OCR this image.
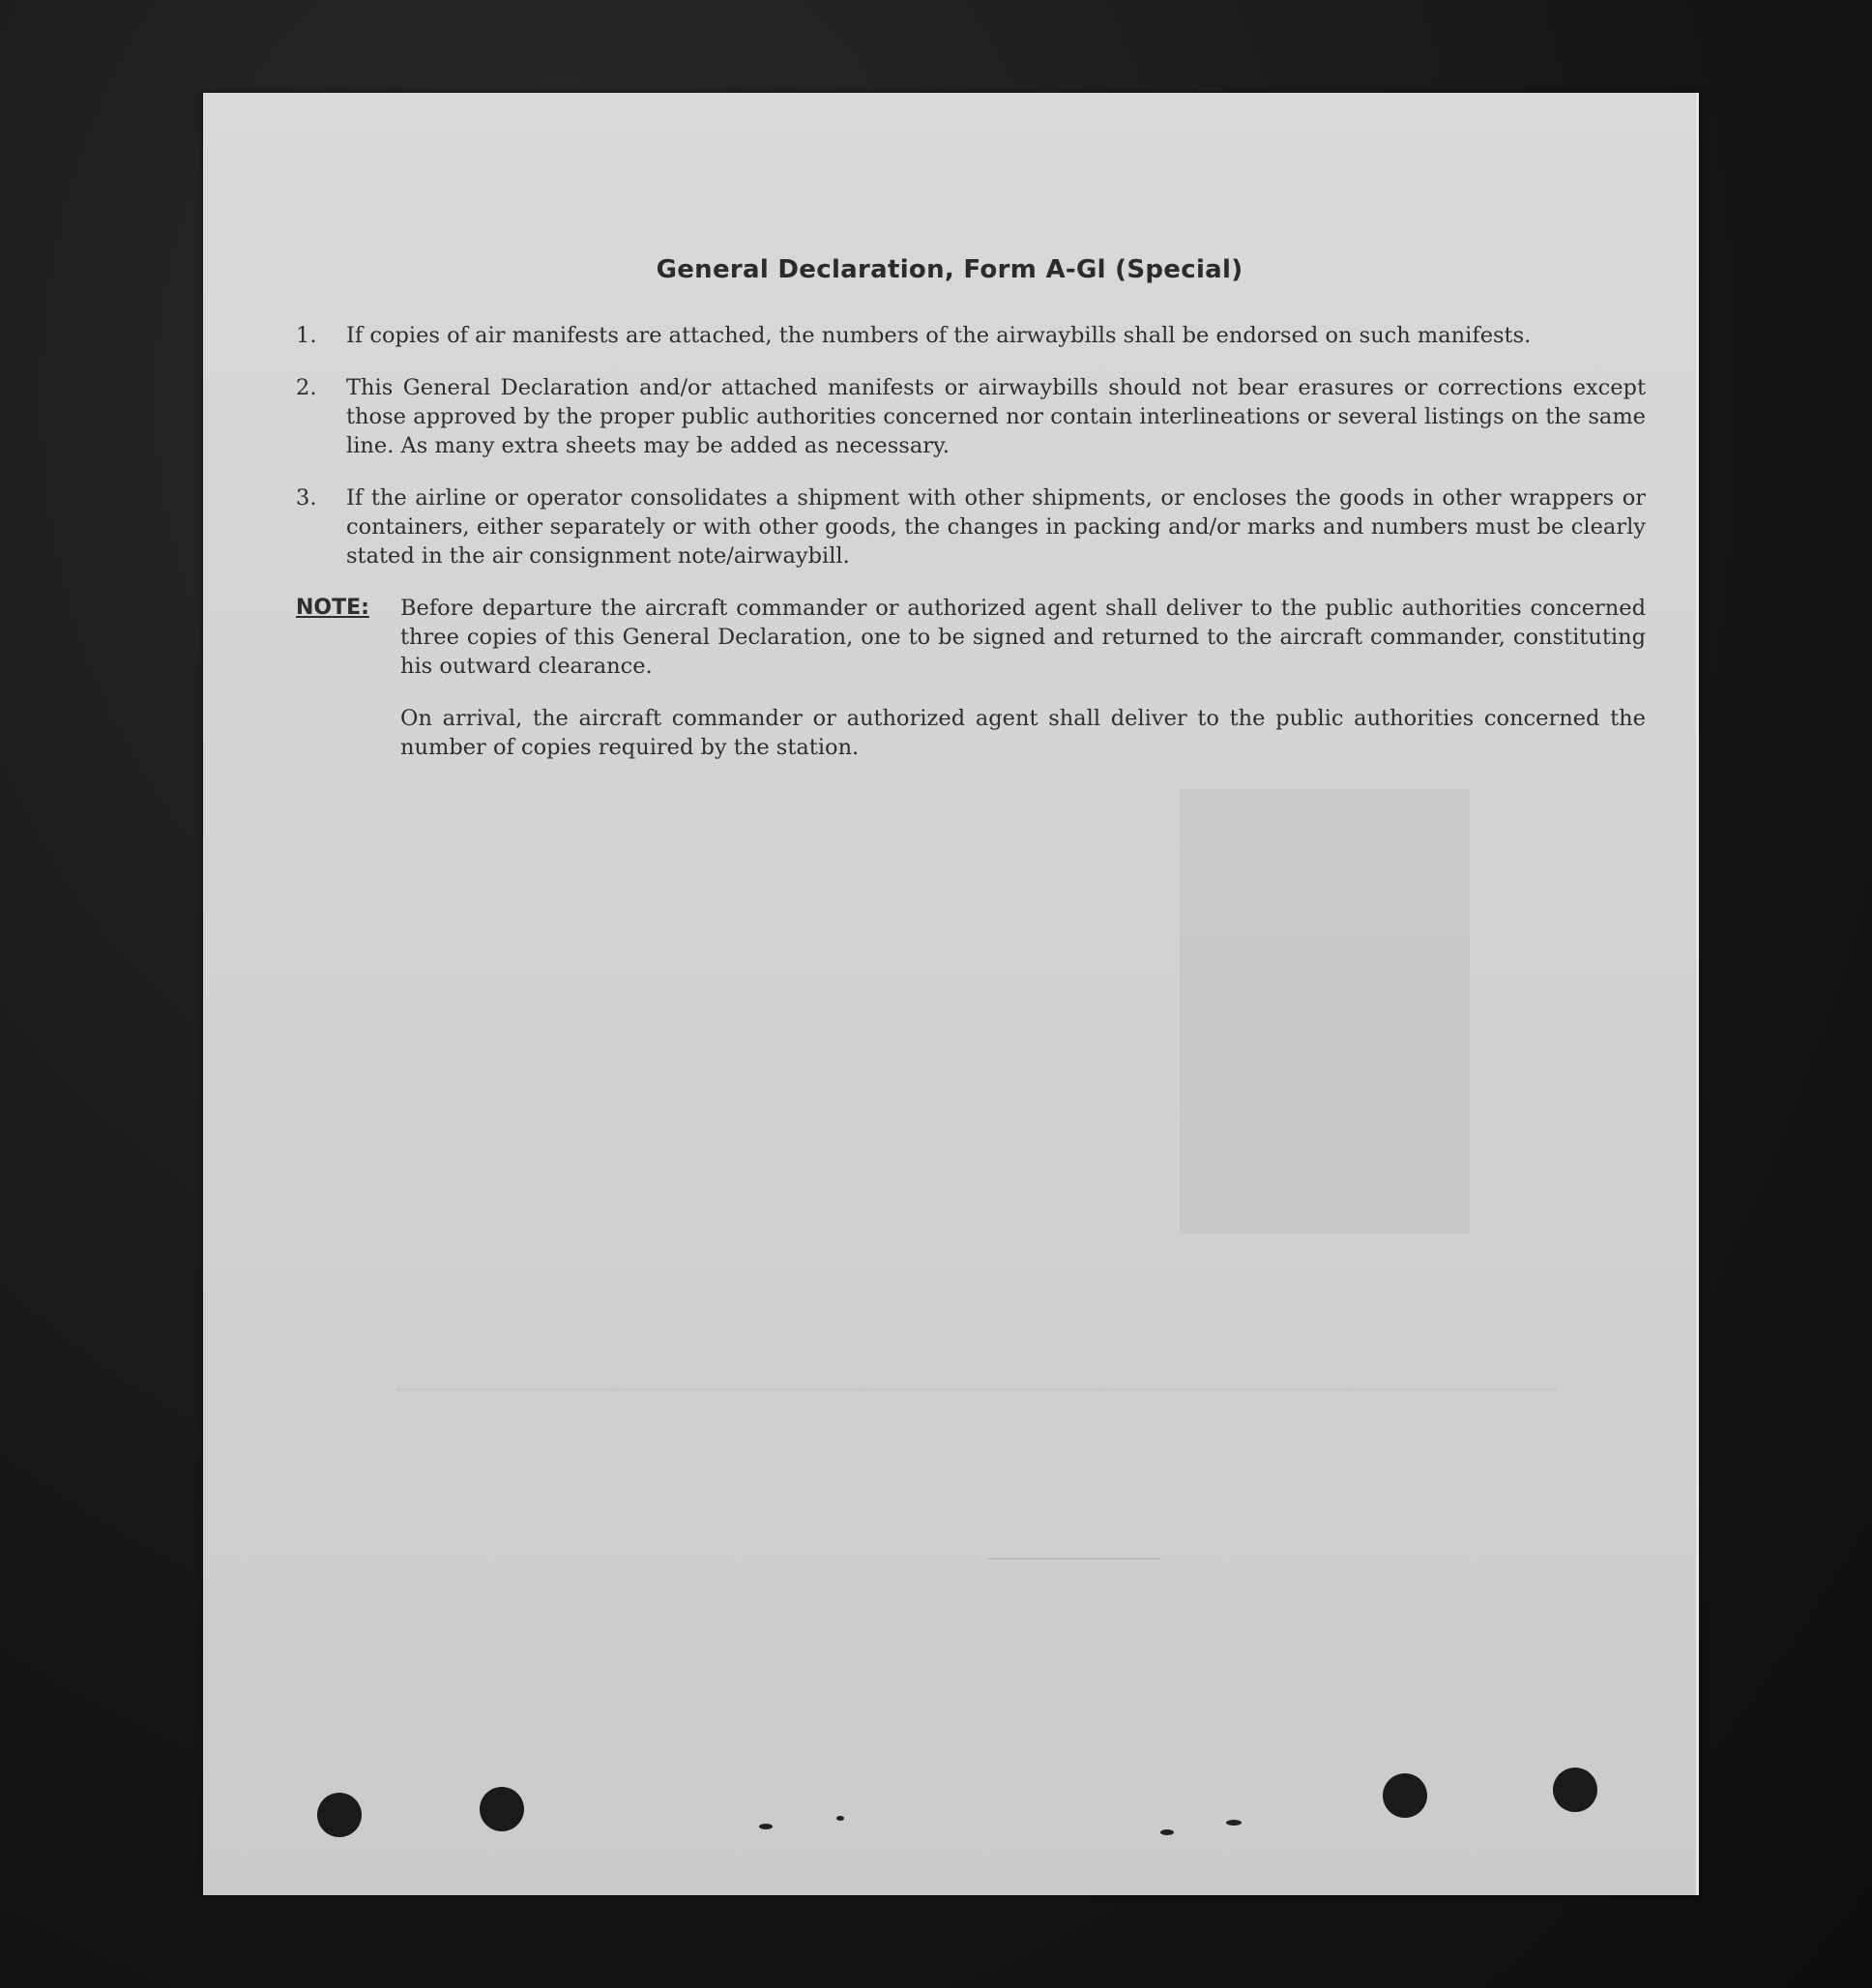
General Declaration, Form A-Gl (Special)
1.	If copies of air manifests are attached, the numbers of the airwaybills shall be endorsed on such manifests.
2.	This General Declaration and/or attached manifests or airwaybills should not bear erasures or corrections except those approved by the proper public authorities concerned nor contain interlineations or several listings on the same line. As many extra sheets may be added as necessary.
3.	If the airline or operator consolidates a shipment with other shipments, or encloses the goods in other wrappers or containers, either separately or with other goods, the changes in packing and/or marks and numbers must be clearly stated in the air consignment note/airwaybill.
NOTE:	Before departure the aircraft commander or authorized agent shall deliver to the public authorities concerned three copies of this General Declaration, one to be signed and returned to the aircraft commander, constituting his outward clearance.

On arrival, the aircraft commander or authorized agent shall deliver to the public authorities concerned the number of copies required by the station.
